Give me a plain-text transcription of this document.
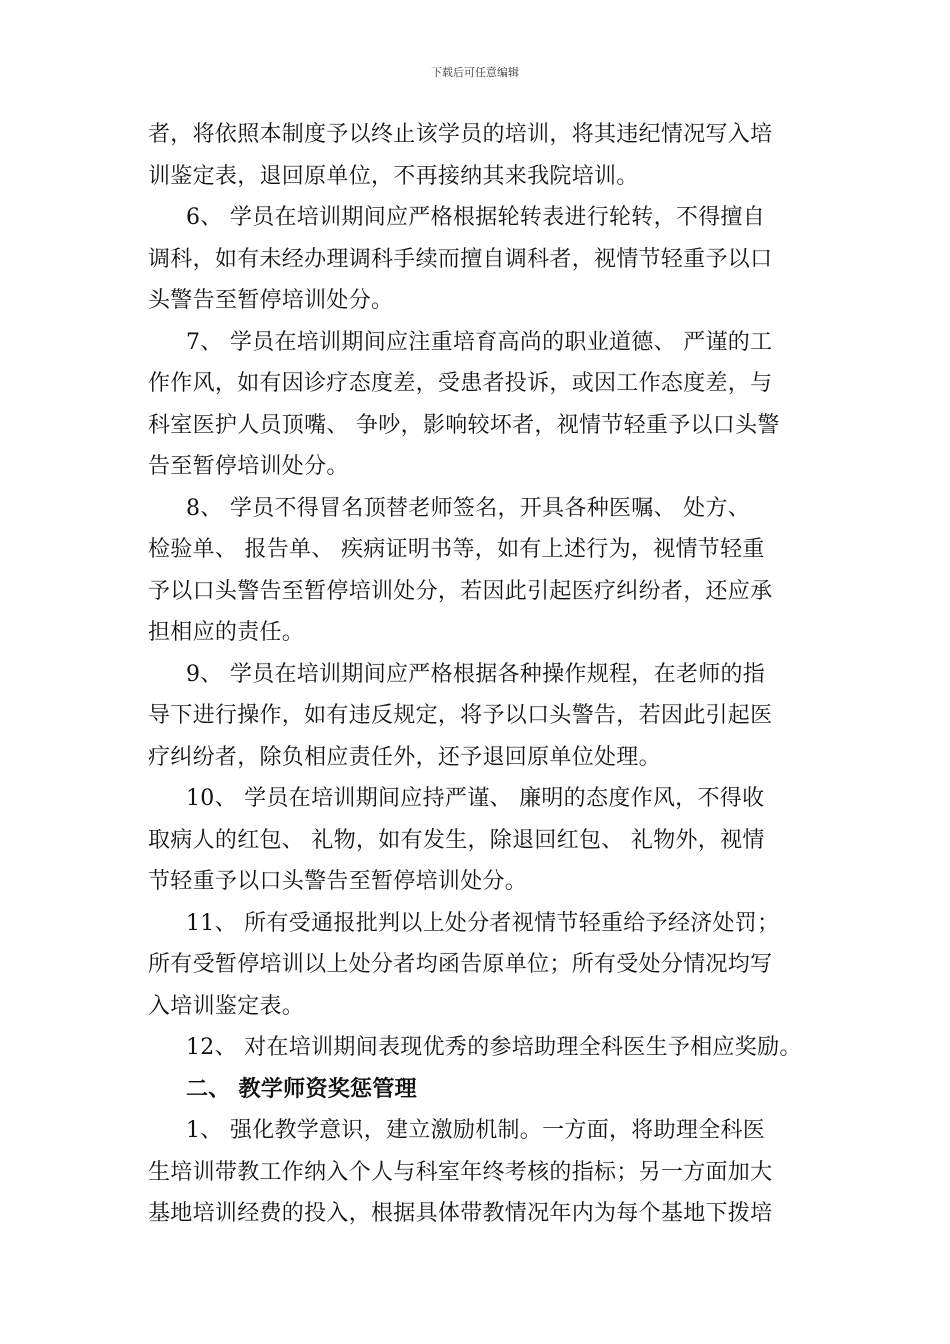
下载后可任意编辑
者，将依照本制度予以终止该学员的培训，将其违纪情况写入培
训鉴定表，退回原单位，不再接纳其来我院培训。
6、 学员在培训期间应严格根据轮转表进行轮转，不得擅自
调科，如有未经办理调科手续而擅自调科者，视情节轻重予以口
头警告至暂停培训处分。
7、 学员在培训期间应注重培育高尚的职业道德、 严谨的工
作作风，如有因诊疗态度差，受患者投诉，或因工作态度差，与
科室医护人员顶嘴、 争吵，影响较坏者，视情节轻重予以口头警
告至暂停培训处分。
8、 学员不得冒名顶替老师签名，开具各种医嘱、 处方、
检验单、 报告单、 疾病证明书等，如有上述行为，视情节轻重
予以口头警告至暂停培训处分，若因此引起医疗纠纷者，还应承
担相应的责任。
9、 学员在培训期间应严格根据各种操作规程，在老师的指
导下进行操作，如有违反规定，将予以口头警告，若因此引起医
疗纠纷者，除负相应责任外，还予退回原单位处理。
10、 学员在培训期间应持严谨、 廉明的态度作风，不得收
取病人的红包、 礼物，如有发生，除退回红包、 礼物外，视情
节轻重予以口头警告至暂停培训处分。
11、 所有受通报批判以上处分者视情节轻重给予经济处罚；
所有受暂停培训以上处分者均函告原单位；所有受处分情况均写
入培训鉴定表。
12、 对在培训期间表现优秀的参培助理全科医生予相应奖励。
二、 教学师资奖惩管理
1、 强化教学意识，建立激励机制。一方面，将助理全科医
生培训带教工作纳入个人与科室年终考核的指标；另一方面加大
基地培训经费的投入，根据具体带教情况年内为每个基地下拨培
